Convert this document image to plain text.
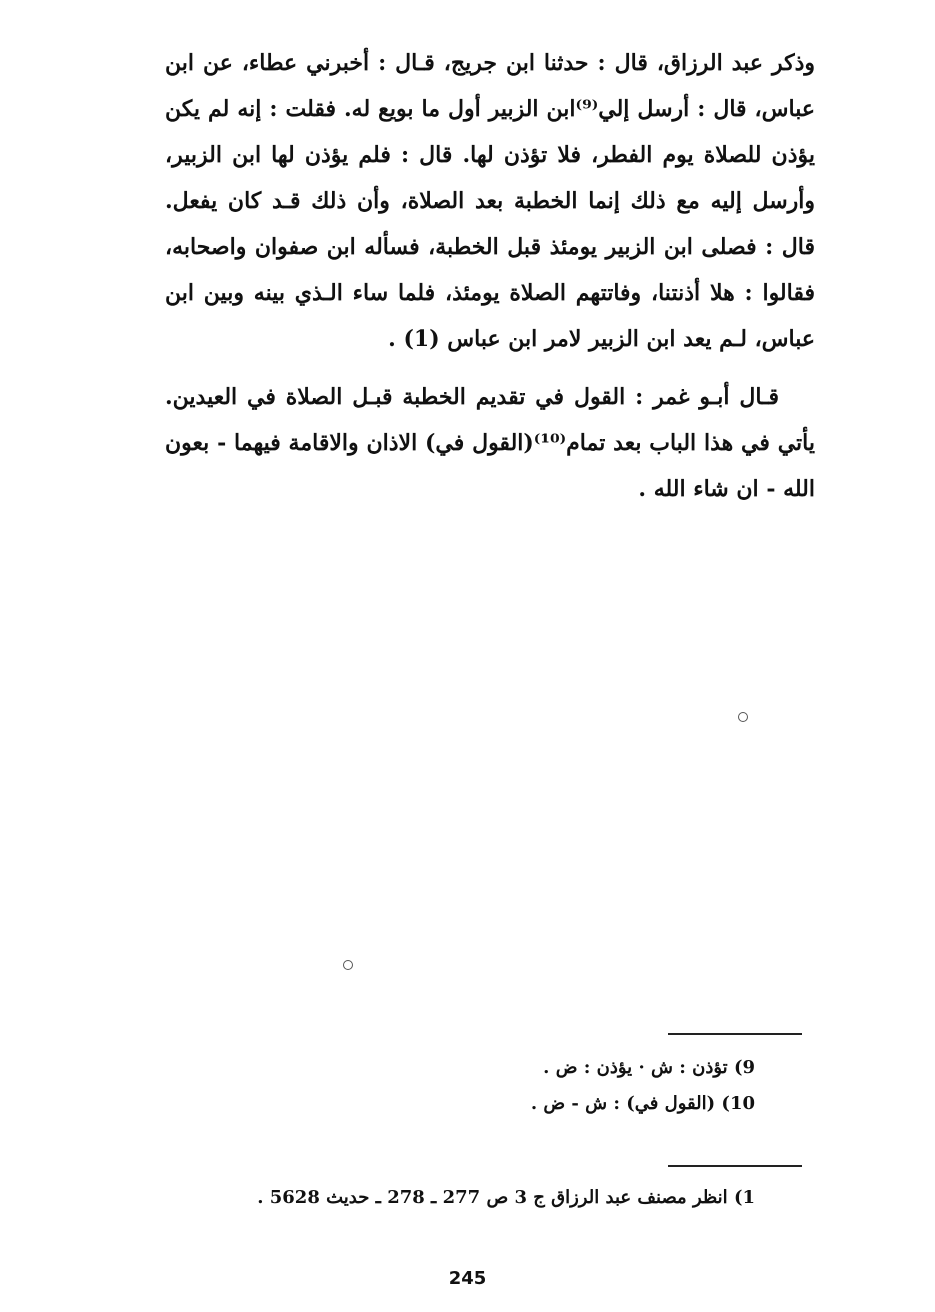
وذكر عبد الرزاق، قال : حدثنا ابن جريج، قـال : أخبرني عطاء، عن ابن عباس، قال : أرسل إلي⁽⁹⁾ابن الزبير أول ما بويع له. فقلت : إنه لم يكن يؤذن للصلاة يوم الفطر، فلا تؤذن لها. قال : فلم يؤذن لها ابن الزبير، وأرسل إليه مع ذلك إنما الخطبة بعد الصلاة، وأن ذلك قـد كان يفعل. قال : فصلى ابن الزبير يومئذ قبل الخطبة، فسأله ابن صفوان واصحابه، فقالوا : هلا أذنتنا، وفاتتهم الصلاة يومئذ، فلما ساء الـذي بينه وبين ابن عباس، لـم يعد ابن الزبير لامر ابن عباس (1) .

قـال أبـو غمر : القول في تقديم الخطبة قبـل الصلاة في العيدين. يأتي في هذا الباب بعد تمام⁽¹⁰⁾(القول في) الاذان والاقامة فيهما - بعون الله - ان شاء الله .

9) تؤذن : ش · يؤذن : ض .
10) (القول في) : ش - ض .
1) انظر مصنف عبد الرزاق ج 3 ص 277 ـ 278 ـ حديث 5628 .
245
